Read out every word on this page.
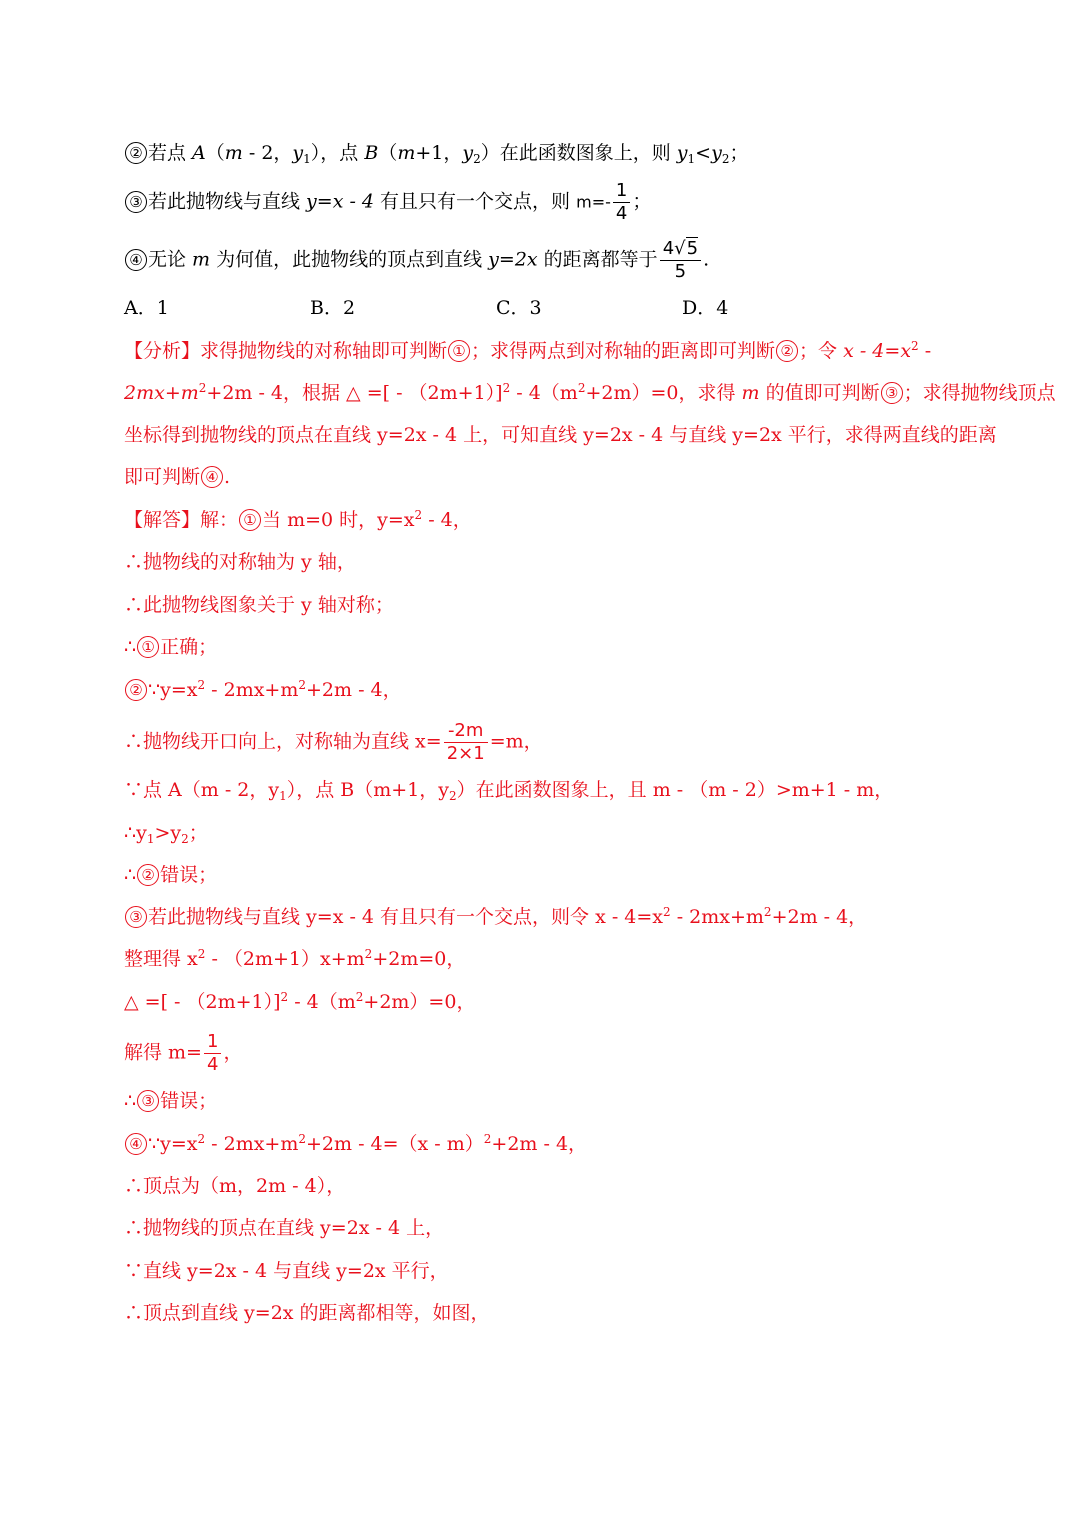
② 若点 A（m - 2，$y_1$），点 B（m+1，$y_2$）在此函数图象上，则 $y_1<y_2$；
③ 若此抛物线与直线 y=x - 4 有且只有一个交点，则 $m=- \frac{1}{4}$ ；
④ 无论 m 为何值，此抛物线的顶点到直线 y=2x 的距离都等于 $\frac{4√5}{5}$ .
A．1	B．2	C．3	D．4
【分析】求得抛物线的对称轴即可判断 ① ；求得两点到对称轴的距离即可判断 ② ；令 $x - 4=x^2$ -
$2mx+m^2+2m - 4$，根据 △ =[ - $(2m+1)]^2 - 4(m^2+2m)=0$，求得 m 的值即可判断 ③ ；求得抛物线顶点
坐标得到抛物线的顶点在直线 y=2x - 4 上，可知直线 y=2x - 4 与直线 y=2x 平行，求得两直线的距离
即可判断 ④ .
【解答】解： ① 当 m=0 时，$y=x^2 - 4$，
∴抛物线的对称轴为 y 轴，
∴此抛物线图象关于 y 轴对称；
∴ ① 正确；
② $\because y=x^2 - 2mx+m^2+2m - 4$，
∴抛物线开口向上，对称轴为直线 $x= \frac{-2m}{2\times 1} =m$，
∵点 A（m - 2，$y_1$），点 B（m+1，$y_2$）在此函数图象上，且 m - （m - 2）>m+1 - m，
$\therefore y_1>y_2$；
∴ ② 错误；
③ 若此抛物线与直线 y=x - 4 有且只有一个交点，则令 $x - 4=x^2 - 2mx+m^2+2m - 4$，
整理得 $x^2 - (2m+1)x+m^2+2m=0$，
△ =[ - $(2m+1)]^2 - 4(m^2+2m)=0$，
解得 $m= \frac{1}{4}$ ，
∴ ③ 错误；
④ $\because y=x^2 - 2mx+m^2+2m - 4=(x - m)^2+2m - 4$，
∴顶点为（m，2m - 4），
∴抛物线的顶点在直线 y=2x - 4 上，
∵直线 y=2x - 4 与直线 y=2x 平行，
∴顶点到直线 y=2x 的距离都相等，如图，
